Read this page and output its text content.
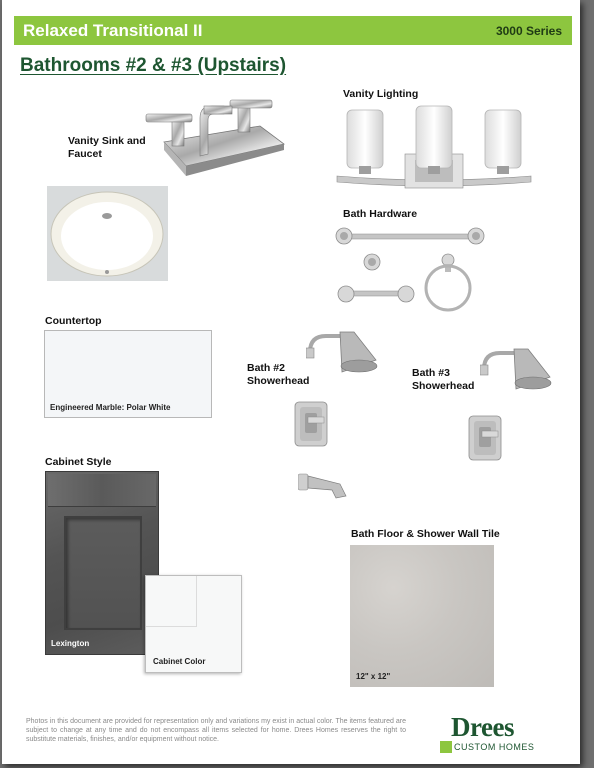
Relaxed Transitional II	3000 Series
Bathrooms #2 & #3 (Upstairs)
Vanity Sink and Faucet
Vanity Lighting
Bath Hardware
Countertop
Engineered Marble: Polar White
Bath #2 Showerhead
Bath #3 Showerhead
Cabinet Style
Lexington
Cabinet Color
Bath Floor & Shower Wall Tile
12" x 12"
Photos in this document are provided for representation only and variations my exist in actual color. The items featured are subject to change at any time and do not encompass all items selected for home. Drees Homes reserves the right to substitute materials, finishes, and/or equipment without notice.	Drees
CUSTOM HOMES
